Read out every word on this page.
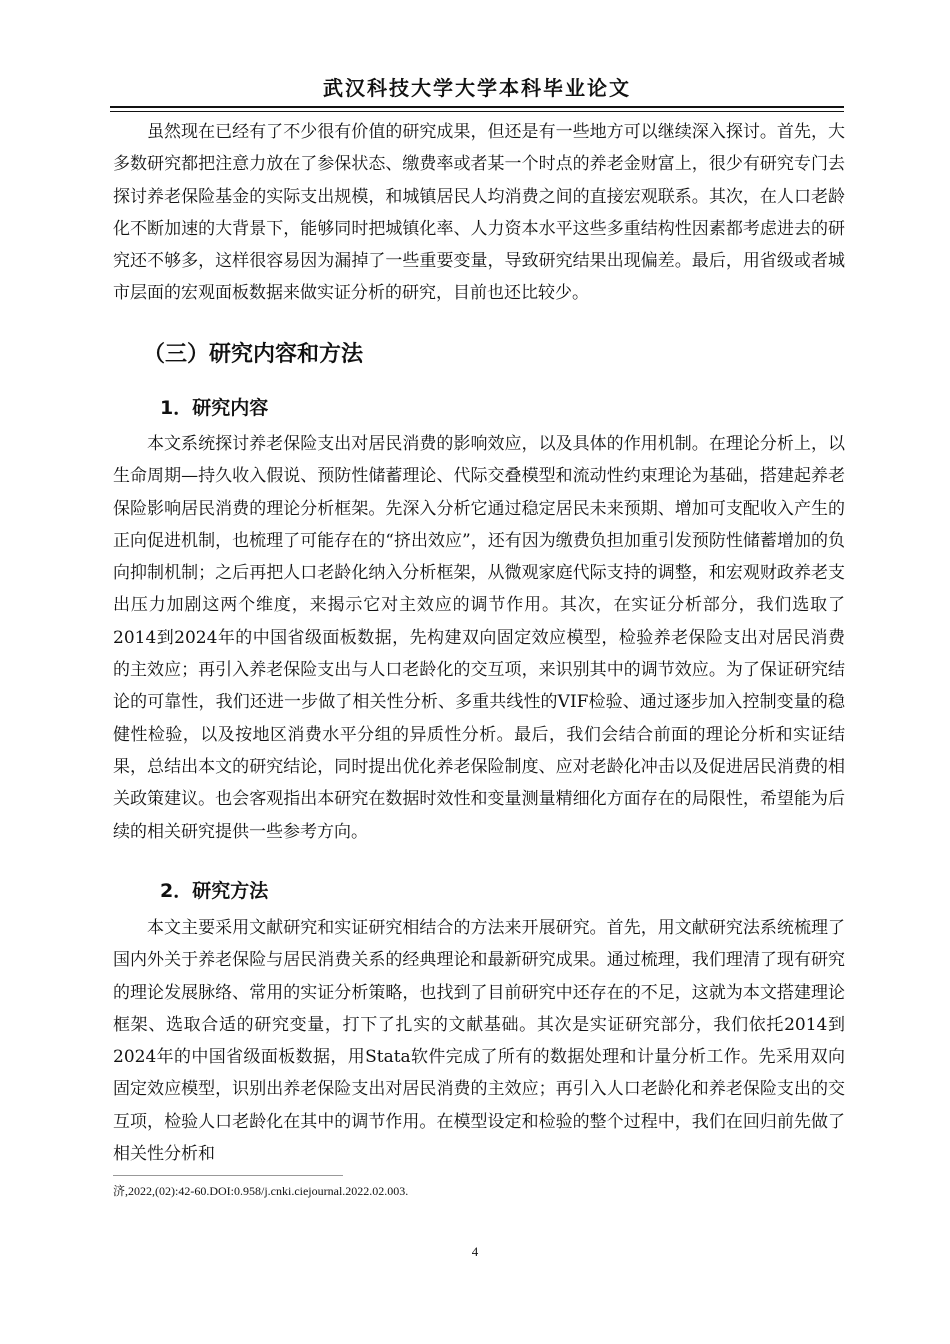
武汉科技大学大学本科毕业论文

虽然现在已经有了不少很有价值的研究成果，但还是有一些地方可以继续深入探讨。首先，大多数研究都把注意力放在了参保状态、缴费率或者某一个时点的养老金财富上，很少有研究专门去探讨养老保险基金的实际支出规模，和城镇居民人均消费之间的直接宏观联系。其次，在人口老龄化不断加速的大背景下，能够同时把城镇化率、人力资本水平这些多重结构性因素都考虑进去的研究还不够多，这样很容易因为漏掉了一些重要变量，导致研究结果出现偏差。最后，用省级或者城市层面的宏观面板数据来做实证分析的研究，目前也还比较少。

（三）研究内容和方法
1．研究内容

本文系统探讨养老保险支出对居民消费的影响效应，以及具体的作用机制。在理论分析上，以生命周期—持久收入假说、预防性储蓄理论、代际交叠模型和流动性约束理论为基础，搭建起养老保险影响居民消费的理论分析框架。先深入分析它通过稳定居民未来预期、增加可支配收入产生的正向促进机制，也梳理了可能存在的“挤出效应”，还有因为缴费负担加重引发预防性储蓄增加的负向抑制机制；之后再把人口老龄化纳入分析框架，从微观家庭代际支持的调整，和宏观财政养老支出压力加剧这两个维度，来揭示它对主效应的调节作用。其次，在实证分析部分，我们选取了2014到2024年的中国省级面板数据，先构建双向固定效应模型，检验养老保险支出对居民消费的主效应；再引入养老保险支出与人口老龄化的交互项，来识别其中的调节效应。为了保证研究结论的可靠性，我们还进一步做了相关性分析、多重共线性的VIF检验、通过逐步加入控制变量的稳健性检验，以及按地区消费水平分组的异质性分析。最后，我们会结合前面的理论分析和实证结果，总结出本文的研究结论，同时提出优化养老保险制度、应对老龄化冲击以及促进居民消费的相关政策建议。也会客观指出本研究在数据时效性和变量测量精细化方面存在的局限性，希望能为后续的相关研究提供一些参考方向。

2．研究方法

本文主要采用文献研究和实证研究相结合的方法来开展研究。首先，用文献研究法系统梳理了国内外关于养老保险与居民消费关系的经典理论和最新研究成果。通过梳理，我们理清了现有研究的理论发展脉络、常用的实证分析策略，也找到了目前研究中还存在的不足，这就为本文搭建理论框架、选取合适的研究变量，打下了扎实的文献基础。其次是实证研究部分，我们依托2014到2024年的中国省级面板数据，用Stata软件完成了所有的数据处理和计量分析工作。先采用双向固定效应模型，识别出养老保险支出对居民消费的主效应；再引入人口老龄化和养老保险支出的交互项，检验人口老龄化在其中的调节作用。在模型设定和检验的整个过程中，我们在回归前先做了相关性分析和

济,2022,(02):42-60.DOI:0.958/j.cnki.ciejournal.2022.02.003.
4
